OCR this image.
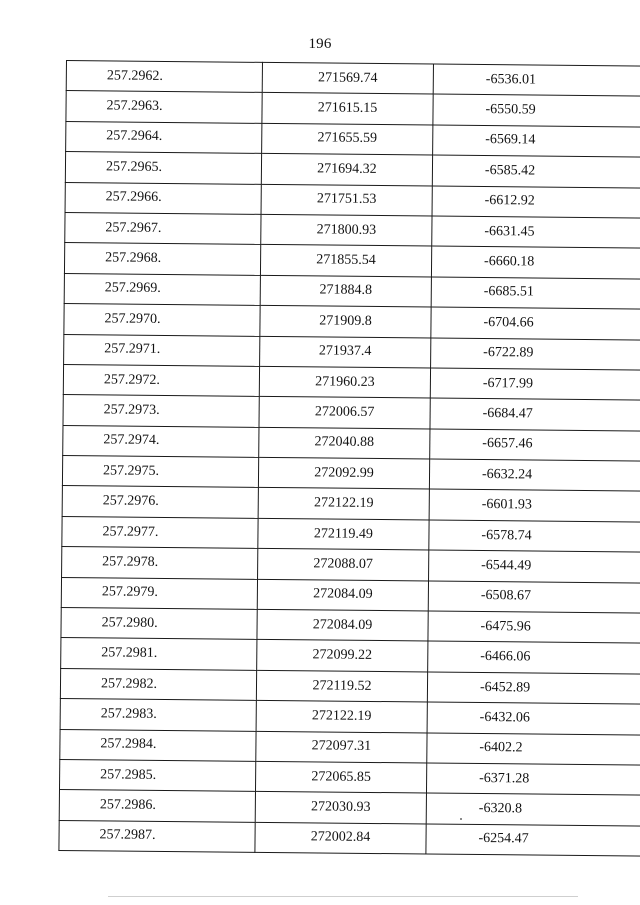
196
257.2962.	271569.74	-6536.01
257.2963.	271615.15	-6550.59
257.2964.	271655.59	-6569.14
257.2965.	271694.32	-6585.42
257.2966.	271751.53	-6612.92
257.2967.	271800.93	-6631.45
257.2968.	271855.54	-6660.18
257.2969.	271884.8	-6685.51
257.2970.	271909.8	-6704.66
257.2971.	271937.4	-6722.89
257.2972.	271960.23	-6717.99
257.2973.	272006.57	-6684.47
257.2974.	272040.88	-6657.46
257.2975.	272092.99	-6632.24
257.2976.	272122.19	-6601.93
257.2977.	272119.49	-6578.74
257.2978.	272088.07	-6544.49
257.2979.	272084.09	-6508.67
257.2980.	272084.09	-6475.96
257.2981.	272099.22	-6466.06
257.2982.	272119.52	-6452.89
257.2983.	272122.19	-6432.06
257.2984.	272097.31	-6402.2
257.2985.	272065.85	-6371.28
257.2986.	272030.93	-6320.8
257.2987.	272002.84	-6254.47
